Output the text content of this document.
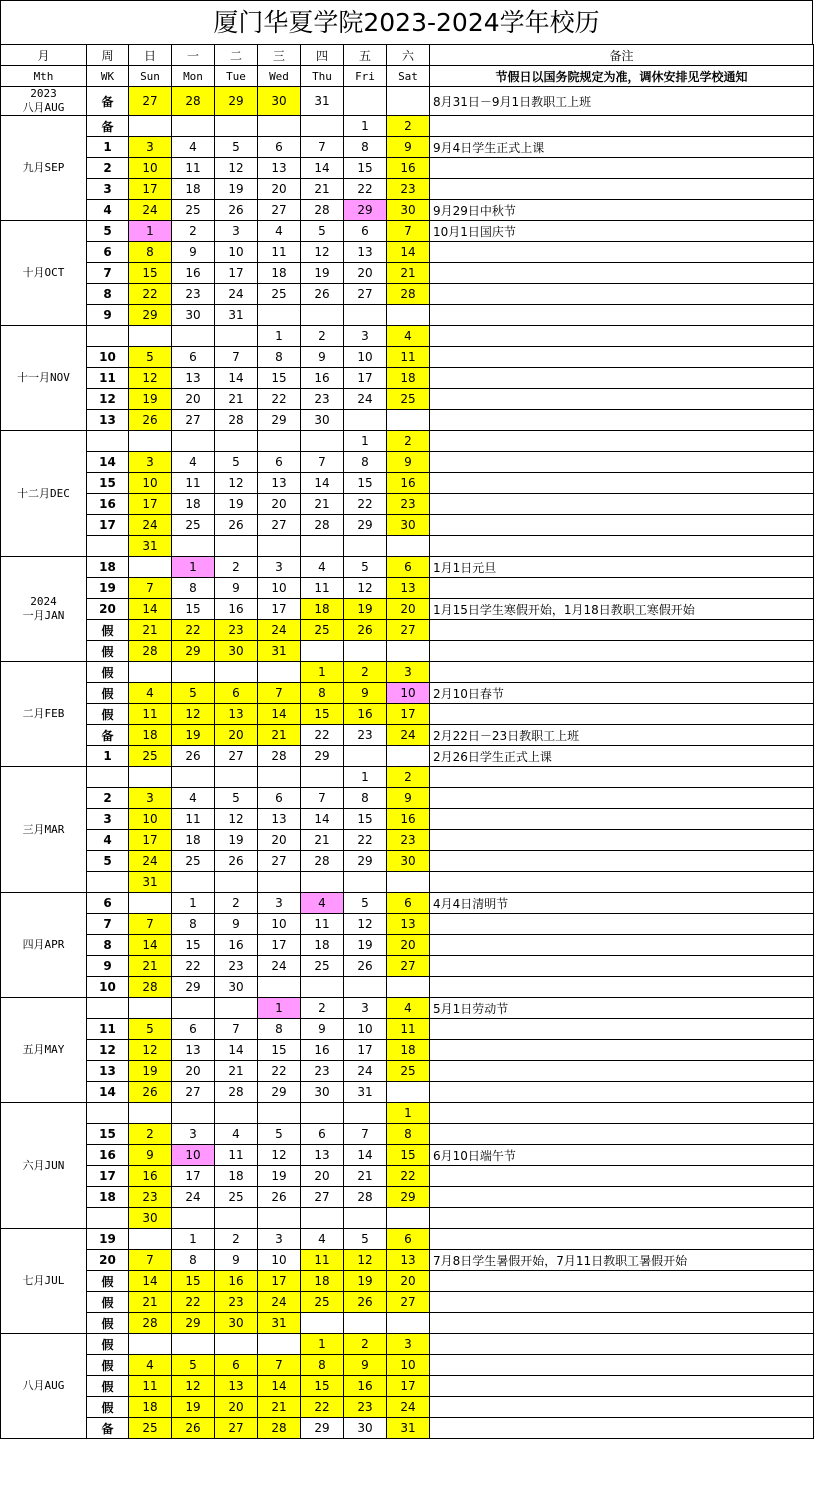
厦门华夏学院2023-2024学年校历
月	周	日	一	二	三	四	五	六	备注
Mth	WK	Sun	Mon	Tue	Wed	Thu	Fri	Sat	节假日以国务院规定为准，调休安排见学校通知

2023
八月AUG	备	27	28	29	30	31			8月31日－9月1日教职工上班

九月SEP	备						1	2	
	1	3	4	5	6	7	8	9	9月4日学生正式上课
	2	10	11	12	13	14	15	16	
	3	17	18	19	20	21	22	23	
	4	24	25	26	27	28	29	30	9月29日中秋节

十月OCT	5	1	2	3	4	5	6	7	10月1日国庆节
	6	8	9	10	11	12	13	14	
	7	15	16	17	18	19	20	21	
	8	22	23	24	25	26	27	28	
	9	29	30	31					

十一月NOV					1	2	3	4	
	10	5	6	7	8	9	10	11	
	11	12	13	14	15	16	17	18	
	12	19	20	21	22	23	24	25	
	13	26	27	28	29	30			

十二月DEC							1	2	
	14	3	4	5	6	7	8	9	
	15	10	11	12	13	14	15	16	
	16	17	18	19	20	21	22	23	
	17	24	25	26	27	28	29	30	
		31							

2024
一月JAN	18		1	2	3	4	5	6	1月1日元旦
	19	7	8	9	10	11	12	13	
	20	14	15	16	17	18	19	20	1月15日学生寒假开始，1月18日教职工寒假开始
	假	21	22	23	24	25	26	27	
	假	28	29	30	31				

二月FEB	假					1	2	3	
	假	4	5	6	7	8	9	10	2月10日春节
	假	11	12	13	14	15	16	17	
	备	18	19	20	21	22	23	24	2月22日－23日教职工上班
	1	25	26	27	28	29			2月26日学生正式上课

三月MAR							1	2	
	2	3	4	5	6	7	8	9	
	3	10	11	12	13	14	15	16	
	4	17	18	19	20	21	22	23	
	5	24	25	26	27	28	29	30	
		31							

四月APR	6		1	2	3	4	5	6	4月4日清明节
	7	7	8	9	10	11	12	13	
	8	14	15	16	17	18	19	20	
	9	21	22	23	24	25	26	27	
	10	28	29	30					

五月MAY					1	2	3	4	5月1日劳动节
	11	5	6	7	8	9	10	11	
	12	12	13	14	15	16	17	18	
	13	19	20	21	22	23	24	25	
	14	26	27	28	29	30	31		

六月JUN								1	
	15	2	3	4	5	6	7	8	
	16	9	10	11	12	13	14	15	6月10日端午节
	17	16	17	18	19	20	21	22	
	18	23	24	25	26	27	28	29	
		30							

七月JUL	19		1	2	3	4	5	6	
	20	7	8	9	10	11	12	13	7月8日学生暑假开始，7月11日教职工暑假开始
	假	14	15	16	17	18	19	20	
	假	21	22	23	24	25	26	27	
	假	28	29	30	31				

八月AUG	假					1	2	3	
	假	4	5	6	7	8	9	10	
	假	11	12	13	14	15	16	17	
	假	18	19	20	21	22	23	24	
	备	25	26	27	28	29	30	31	
